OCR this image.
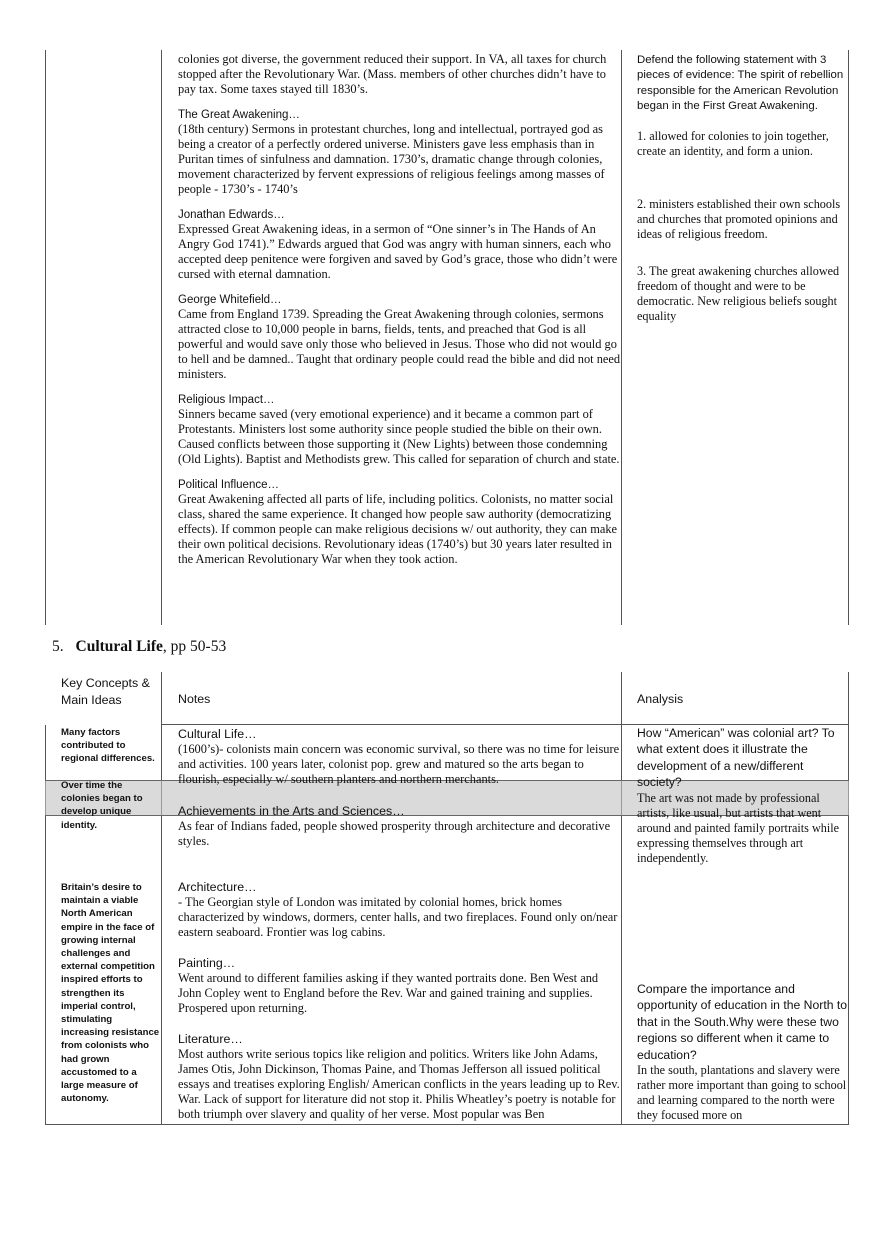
colonies got diverse, the government reduced their support. In VA, all taxes for church stopped after the Revolutionary War. (Mass. members of other churches didn’t have to pay tax. Some taxes stayed till 1830’s.
The Great Awakening…
(18th century) Sermons in protestant churches, long and intellectual, portrayed god as being a creator of a perfectly ordered universe. Ministers gave less emphasis than in Puritan times of sinfulness and damnation. 1730’s, dramatic change through colonies, movement characterized by fervent expressions of religious feelings among masses of people - 1730’s - 1740’s
Jonathan Edwards…
Expressed Great Awakening ideas, in a sermon of “One sinner’s in The Hands of An Angry God 1741).” Edwards argued that God was angry with human sinners, each who accepted deep penitence were forgiven and saved by God’s grace, those who didn’t were cursed with eternal damnation.
George Whitefield…
Came from England 1739. Spreading the Great Awakening through colonies, sermons attracted close to 10,000 people in barns, fields, tents, and preached that God is all powerful and would save only those who believed in Jesus. Those who did not would go to hell and be damned.. Taught that ordinary people could read the bible and did not need ministers.
Religious Impact…
Sinners became saved (very emotional experience) and it became a common part of Protestants. Ministers lost some authority since people studied the bible on their own. Caused conflicts between those supporting it (New Lights) between those condemning (Old Lights). Baptist and Methodists grew. This called for separation of church and state.
Political Influence…
Great Awakening affected all parts of life, including politics. Colonists, no matter social class, shared the same experience. It changed how people saw authority (democratizing effects). If common people can make religious decisions w/ out authority, they can make their own political decisions. Revolutionary ideas (1740’s) but 30 years later resulted in the American Revolutionary War when they took action.
Defend the following statement with 3 pieces of evidence: The spirit of rebellion responsible for the American Revolution began in the First Great Awakening.
1. allowed for colonies to join together, create an identity, and form a union.
2. ministers established their own schools and churches that promoted opinions and ideas of religious freedom.
3. The great awakening churches allowed freedom of thought and were to be democratic. New religious beliefs sought equality
5. Cultural Life, pp 50-53
Key Concepts & Main Ideas	Notes	Analysis
Many factors contributed to regional differences.
Over time the colonies began to develop unique identity.
Britain’s desire to maintain a viable North American empire in the face of growing internal challenges and external competition inspired efforts to strengthen its imperial control, stimulating increasing resistance from colonists who had grown accustomed to a large measure of autonomy.
Cultural Life…
(1600’s)- colonists main concern was economic survival, so there was no time for leisure and activities. 100 years later, colonist pop. grew and matured so the arts began to flourish, especially w/ southern planters and northern merchants.
Achievements in the Arts and Sciences…
As fear of Indians faded, people showed prosperity through architecture and decorative styles.
Architecture…
- The Georgian style of London was imitated by colonial homes, brick homes characterized by windows, dormers, center halls, and two fireplaces. Found only on/near eastern seaboard. Frontier was log cabins.
Painting…
Went around to different families asking if they wanted portraits done. Ben West and John Copley went to England before the Rev. War and gained training and supplies. Prospered upon returning.
Literature…
Most authors write serious topics like religion and politics. Writers like John Adams, James Otis, John Dickinson, Thomas Paine, and Thomas Jefferson all issued political essays and treatises exploring English/ American conflicts in the years leading up to Rev. War. Lack of support for literature did not stop it. Philis Wheatley’s poetry is notable for both triumph over slavery and quality of her verse. Most popular was Ben
How “American” was colonial art? To what extent does it illustrate the development of a new/different society?
The art was not made by professional artists, like usual, but artists that went around and painted family portraits while expressing themselves through art independently.
Compare the importance and opportunity of education in the North to that in the South.Why were these two regions so different when it came to education?
In the south, plantations and slavery were rather more important than going to school and learning compared to the north were they focused more on
